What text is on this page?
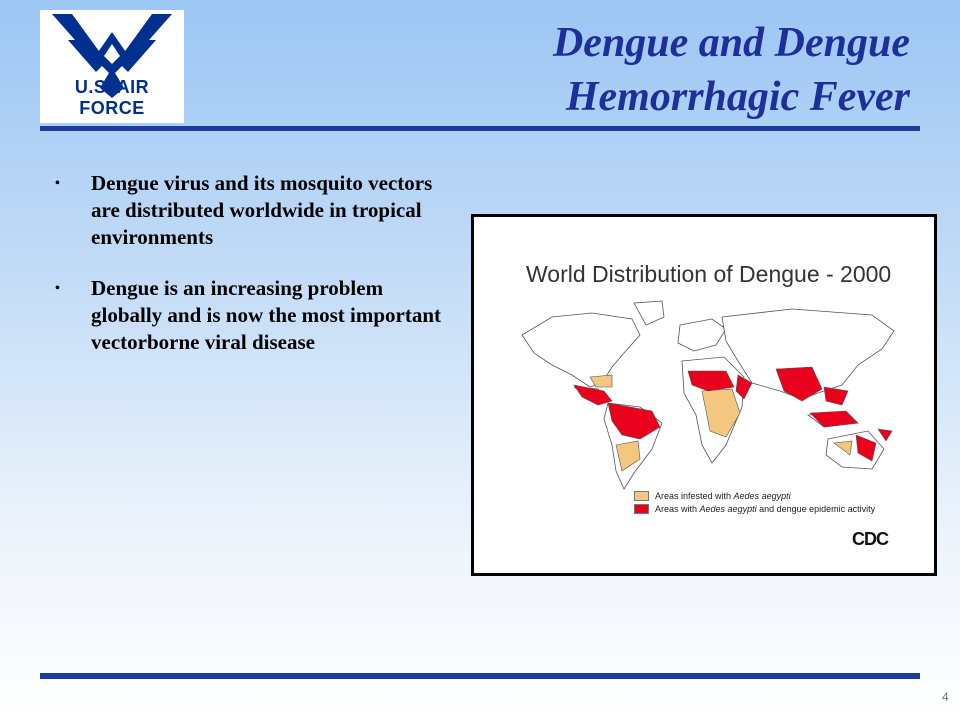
U.S. AIR FORCE
Dengue and Dengue
Hemorrhagic Fever
• Dengue virus and its mosquito vectors are distributed worldwide in tropical environments
• Dengue is an increasing problem globally and is now the most important vectorborne viral disease
World Distribution of Dengue - 2000
Areas infested with Aedes aegypti
Areas with Aedes aegypti and dengue epidemic activity
CDC
4
